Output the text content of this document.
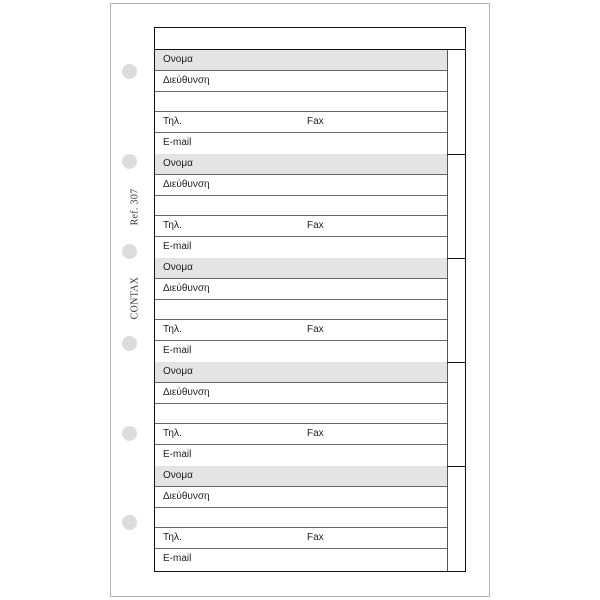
Ref. 307
CONTAX
Ονομα
Διεύθυνση
Τηλ.	Fax
E-mail
Ονομα
Διεύθυνση
Τηλ.	Fax
E-mail
Ονομα
Διεύθυνση
Τηλ.	Fax
E-mail
Ονομα
Διεύθυνση
Τηλ.	Fax
E-mail
Ονομα
Διεύθυνση
Τηλ.	Fax
E-mail
